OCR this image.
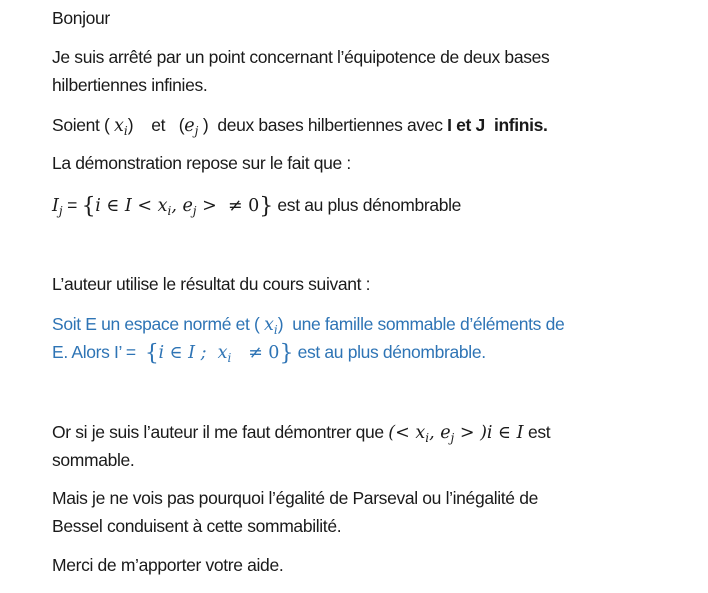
Bonjour
Je suis arrêté par un point concernant l’équipotence de deux bases
hilbertiennes infinies.
Soient ( $x_i$)    et   ($e_j$ )  deux bases hilbertiennes avec I et J  infinis.
La démonstration repose sur le fait que :
$I_j = \{i$ ∈ $I < x_i$, $e_j$ >  ≠ 0} est au plus dénombrable
L’auteur utilise le résultat du cours suivant :
Soit E un espace normé et ( $x_i$)  une famille sommable d’éléments de
E. Alors I’ =  {i ∈ I ;  $x_i \ne 0$} est au plus dénombrable.
Or si je suis l’auteur il me faut démontrer que (< $x_i$, $e_j > )i$ ∈ I est
sommable.
Mais je ne vois pas pourquoi l’égalité de Parseval ou l’inégalité de
Bessel conduisent à cette sommabilité.
Merci de m’apporter votre aide.
